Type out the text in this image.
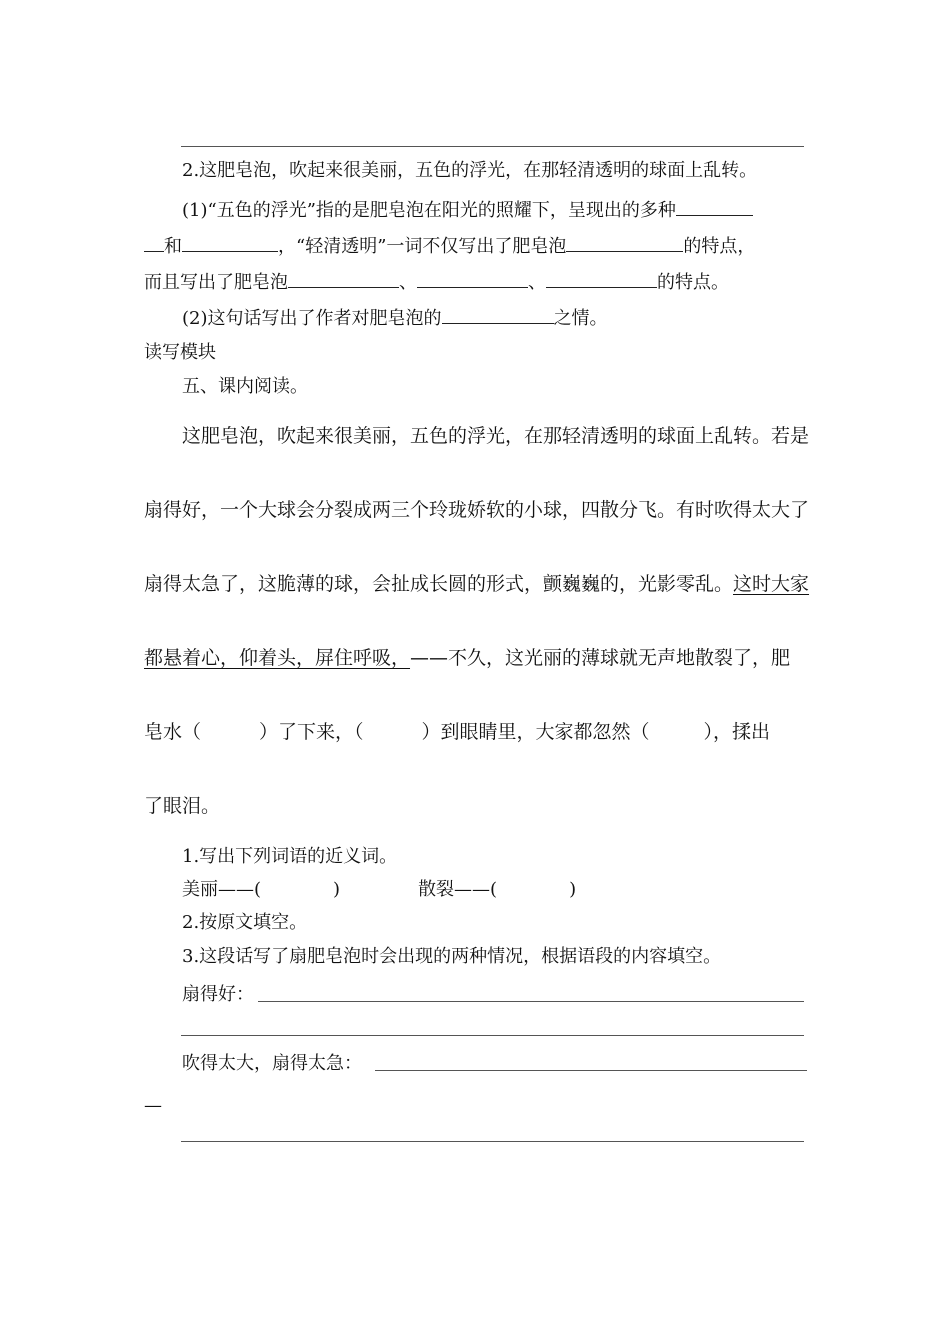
2.这肥皂泡，吹起来很美丽，五色的浮光，在那轻清透明的球面上乱转。
(1)“五色的浮光”指的是肥皂泡在阳光的照耀下，呈现出的多种
和	，“轻清透明”一词不仅写出了肥皂泡	的特点，
而且写出了肥皂泡	、	、	的特点。
(2)这句话写出了作者对肥皂泡的	之情。
读写模块
五、课内阅读。
这肥皂泡，吹起来很美丽，五色的浮光，在那轻清透明的球面上乱转。若是
扇得好，一个大球会分裂成两三个玲珑娇软的小球，四散分飞。有时吹得太大了
扇得太急了，这脆薄的球，会扯成长圆的形式，颤巍巍的，光影零乱。这时大家
都悬着心，仰着头，屏住呼吸，——不久，这光丽的薄球就无声地散裂了，肥
皂水（	）了下来，（	）到眼睛里，大家都忽然（	），揉出
了眼泪。
1.写出下列词语的近义词。
美丽——(	)	散裂——(	)
2.按原文填空。
3.这段话写了扇肥皂泡时会出现的两种情况，根据语段的内容填空。
扇得好：
吹得太大，扇得太急：
—
